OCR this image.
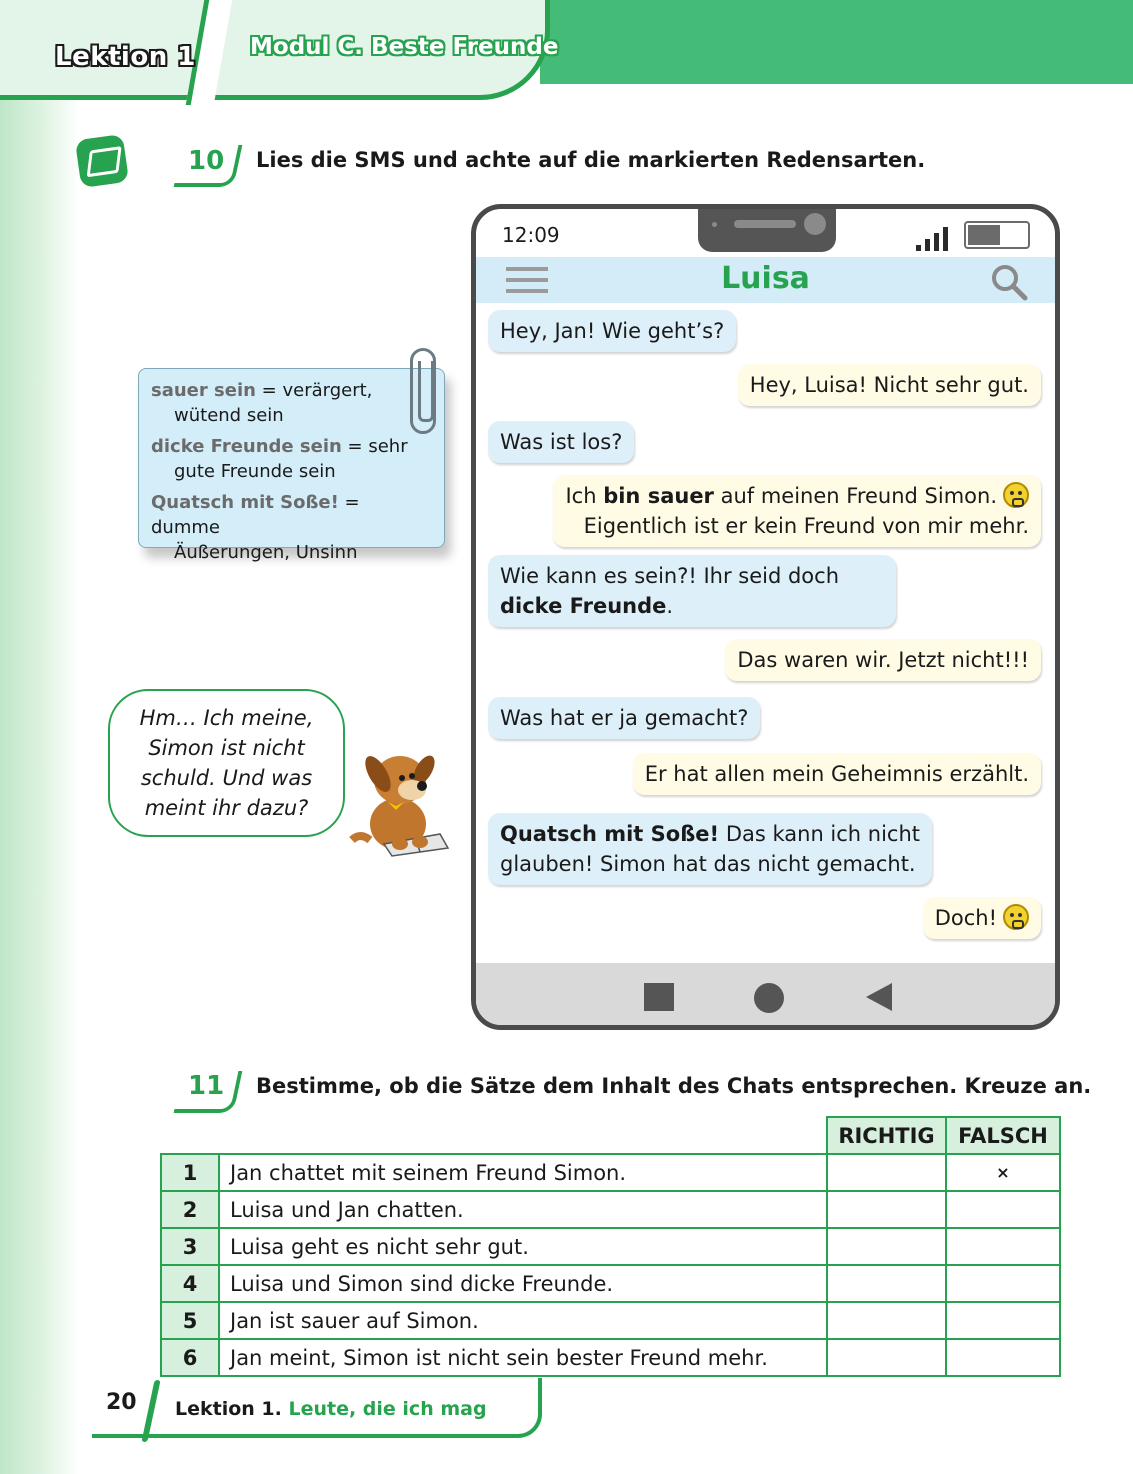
Lektion 1 Modul C. Beste Freunde
10 Lies die SMS und achte auf die markierten Redensarten.
12:09
Luisa
Hey, Jan! Wie geht’s?
Hey, Luisa! Nicht sehr gut.
Was ist los?
Ich bin sauer auf meinen Freund Simon.
Eigentlich ist er kein Freund von mir mehr.
Wie kann es sein?! Ihr seid doch
dicke Freunde.
Das waren wir. Jetzt nicht!!!
Was hat er ja gemacht?
Er hat allen mein Geheimnis erzählt.
Quatsch mit Soße! Das kann ich nicht
glauben! Simon hat das nicht gemacht.
Doch!
sauer sein = verärgert,
wütend sein
dicke Freunde sein = sehr
gute Freunde sein
Quatsch mit Soße! = dumme
Äußerungen, Unsinn
Hm… Ich meine,
Simon ist nicht
schuld. Und was
meint ihr dazu?
11 Bestimme, ob die Sätze dem Inhalt des Chats entsprechen. Kreuze an.
		RICHTIG	FALSCH
1	Jan chattet mit seinem Freund Simon.		×
2	Luisa und Jan chatten.		
3	Luisa geht es nicht sehr gut.		
4	Luisa und Simon sind dicke Freunde.		
5	Jan ist sauer auf Simon.		
6	Jan meint, Simon ist nicht sein bester Freund mehr.		
20 Lektion 1. Leute, die ich mag
